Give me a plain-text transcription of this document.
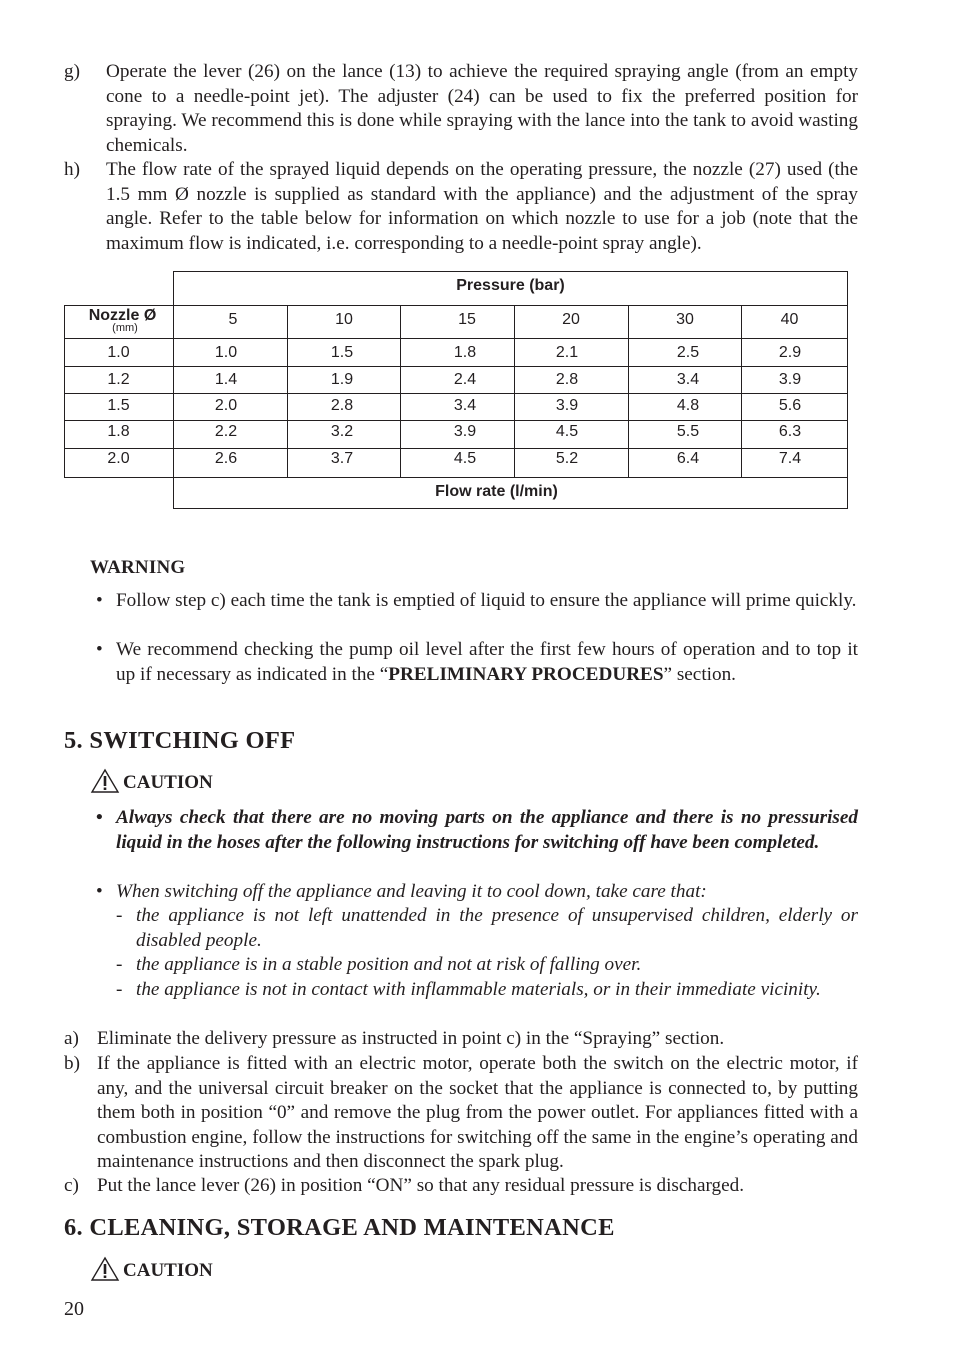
g) Operate the lever (26) on the lance (13) to achieve the required spraying angle (from an empty cone to a needle-point jet). The adjuster (24) can be used to fix the preferred position for spraying. We recommend this is done while spraying with the lance into the tank to avoid wasting chemicals.
h) The flow rate of the sprayed liquid depends on the operating pressure, the nozzle (27) used (the 1.5 mm Ø nozzle is supplied as standard with the appliance) and the adjustment of the spray angle. Refer to the table below for information on which nozzle to use for a job (note that the maximum flow is indicated, i.e. corresponding to a needle-point spray angle).
Pressure (bar)
Nozzle Ø
(mm)	5	10	15	20	30	40
1.0	1.0	1.5	1.8	2.1	2.5	2.9
1.2	1.4	1.9	2.4	2.8	3.4	3.9
1.5	2.0	2.8	3.4	3.9	4.8	5.6
1.8	2.2	3.2	3.9	4.5	5.5	6.3
2.0	2.6	3.7	4.5	5.2	6.4	7.4
Flow rate (l/min)
WARNING
• Follow step c) each time the tank is emptied of liquid to ensure the appliance will prime quickly.
• We recommend checking the pump oil level after the first few hours of operation and to top it up if necessary as indicated in the “PRELIMINARY PROCEDURES” section.
5. SWITCHING OFF
CAUTION
• Always check that there are no moving parts on the appliance and there is no pressurised liquid in the hoses after the following instructions for switching off have been completed.
• When switching off the appliance and leaving it to cool down, take care that:
- the appliance is not left unattended in the presence of unsupervised children, elderly or disabled people.
- the appliance is in a stable position and not at risk of falling over.
- the appliance is not in contact with inflammable materials, or in their immediate vicinity.
a) Eliminate the delivery pressure as instructed in point c) in the “Spraying” section.
b) If the appliance is fitted with an electric motor, operate both the switch on the electric motor, if any, and the universal circuit breaker on the socket that the appliance is connected to, by putting them both in position “0” and remove the plug from the power outlet. For appliances fitted with a combustion engine, follow the instructions for switching off the same in the engine’s operating and maintenance instructions and then disconnect the spark plug.
c) Put the lance lever (26) in position “ON” so that any residual pressure is discharged.
6. CLEANING, STORAGE AND MAINTENANCE
CAUTION
20
